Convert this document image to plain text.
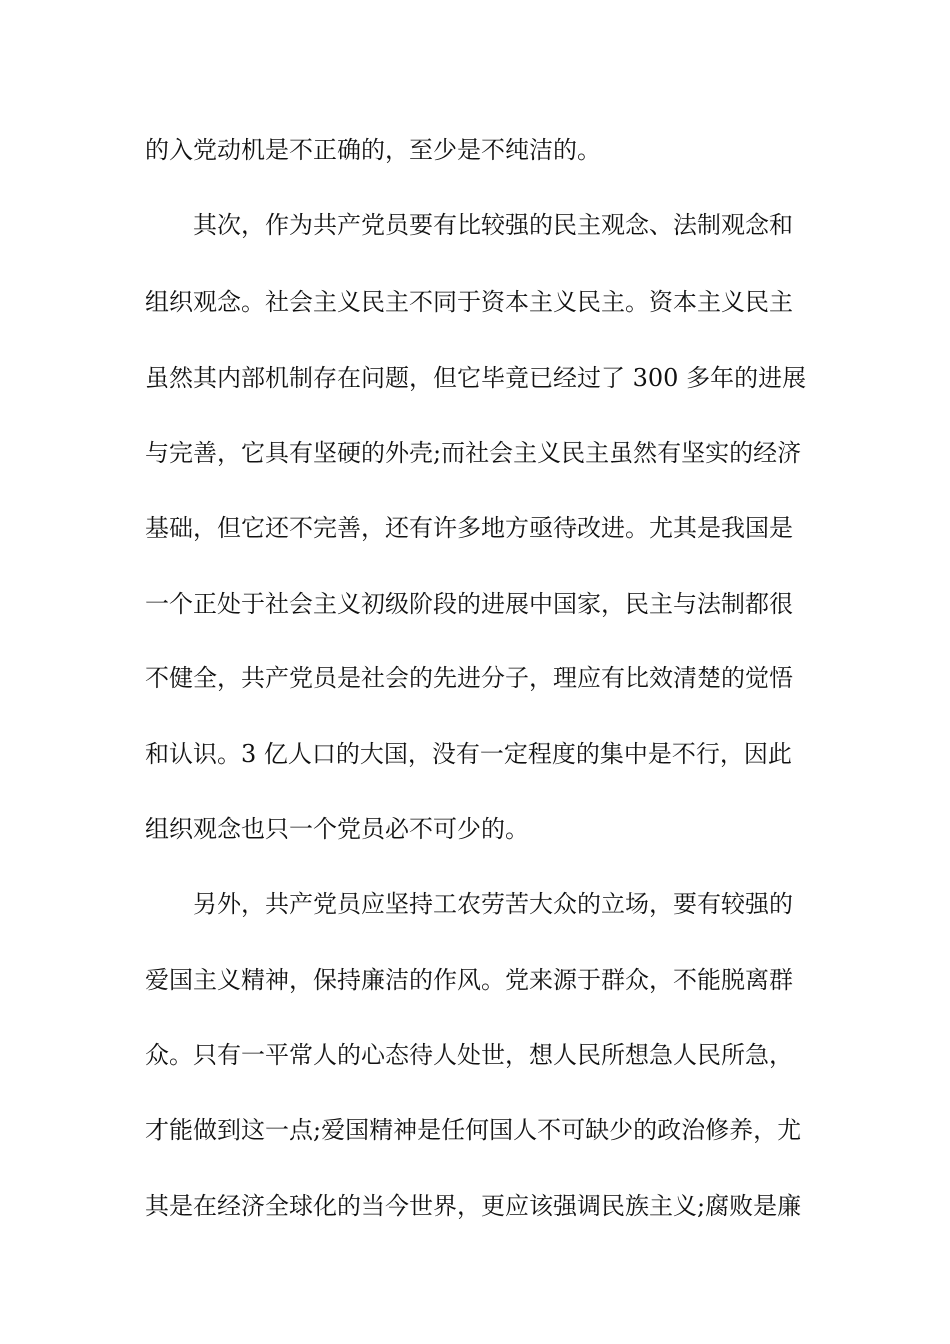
的入党动机是不正确的，至少是不纯洁的。
其次，作为共产党员要有比较强的民主观念、法制观念和
组织观念。社会主义民主不同于资本主义民主。资本主义民主
虽然其内部机制存在问题，但它毕竟已经过了 300 多年的进展
与完善，它具有坚硬的外壳;而社会主义民主虽然有坚实的经济
基础，但它还不完善，还有许多地方亟待改进。尤其是我国是
一个正处于社会主义初级阶段的进展中国家，民主与法制都很
不健全，共产党员是社会的先进分子，理应有比效清楚的觉悟
和认识。3 亿人口的大国，没有一定程度的集中是不行，因此
组织观念也只一个党员必不可少的。
另外，共产党员应坚持工农劳苦大众的立场，要有较强的
爱国主义精神，保持廉洁的作风。党来源于群众，不能脱离群
众。只有一平常人的心态待人处世，想人民所想急人民所急，
才能做到这一点;爱国精神是任何国人不可缺少的政治修养，尤
其是在经济全球化的当今世界，更应该强调民族主义;腐败是廉
